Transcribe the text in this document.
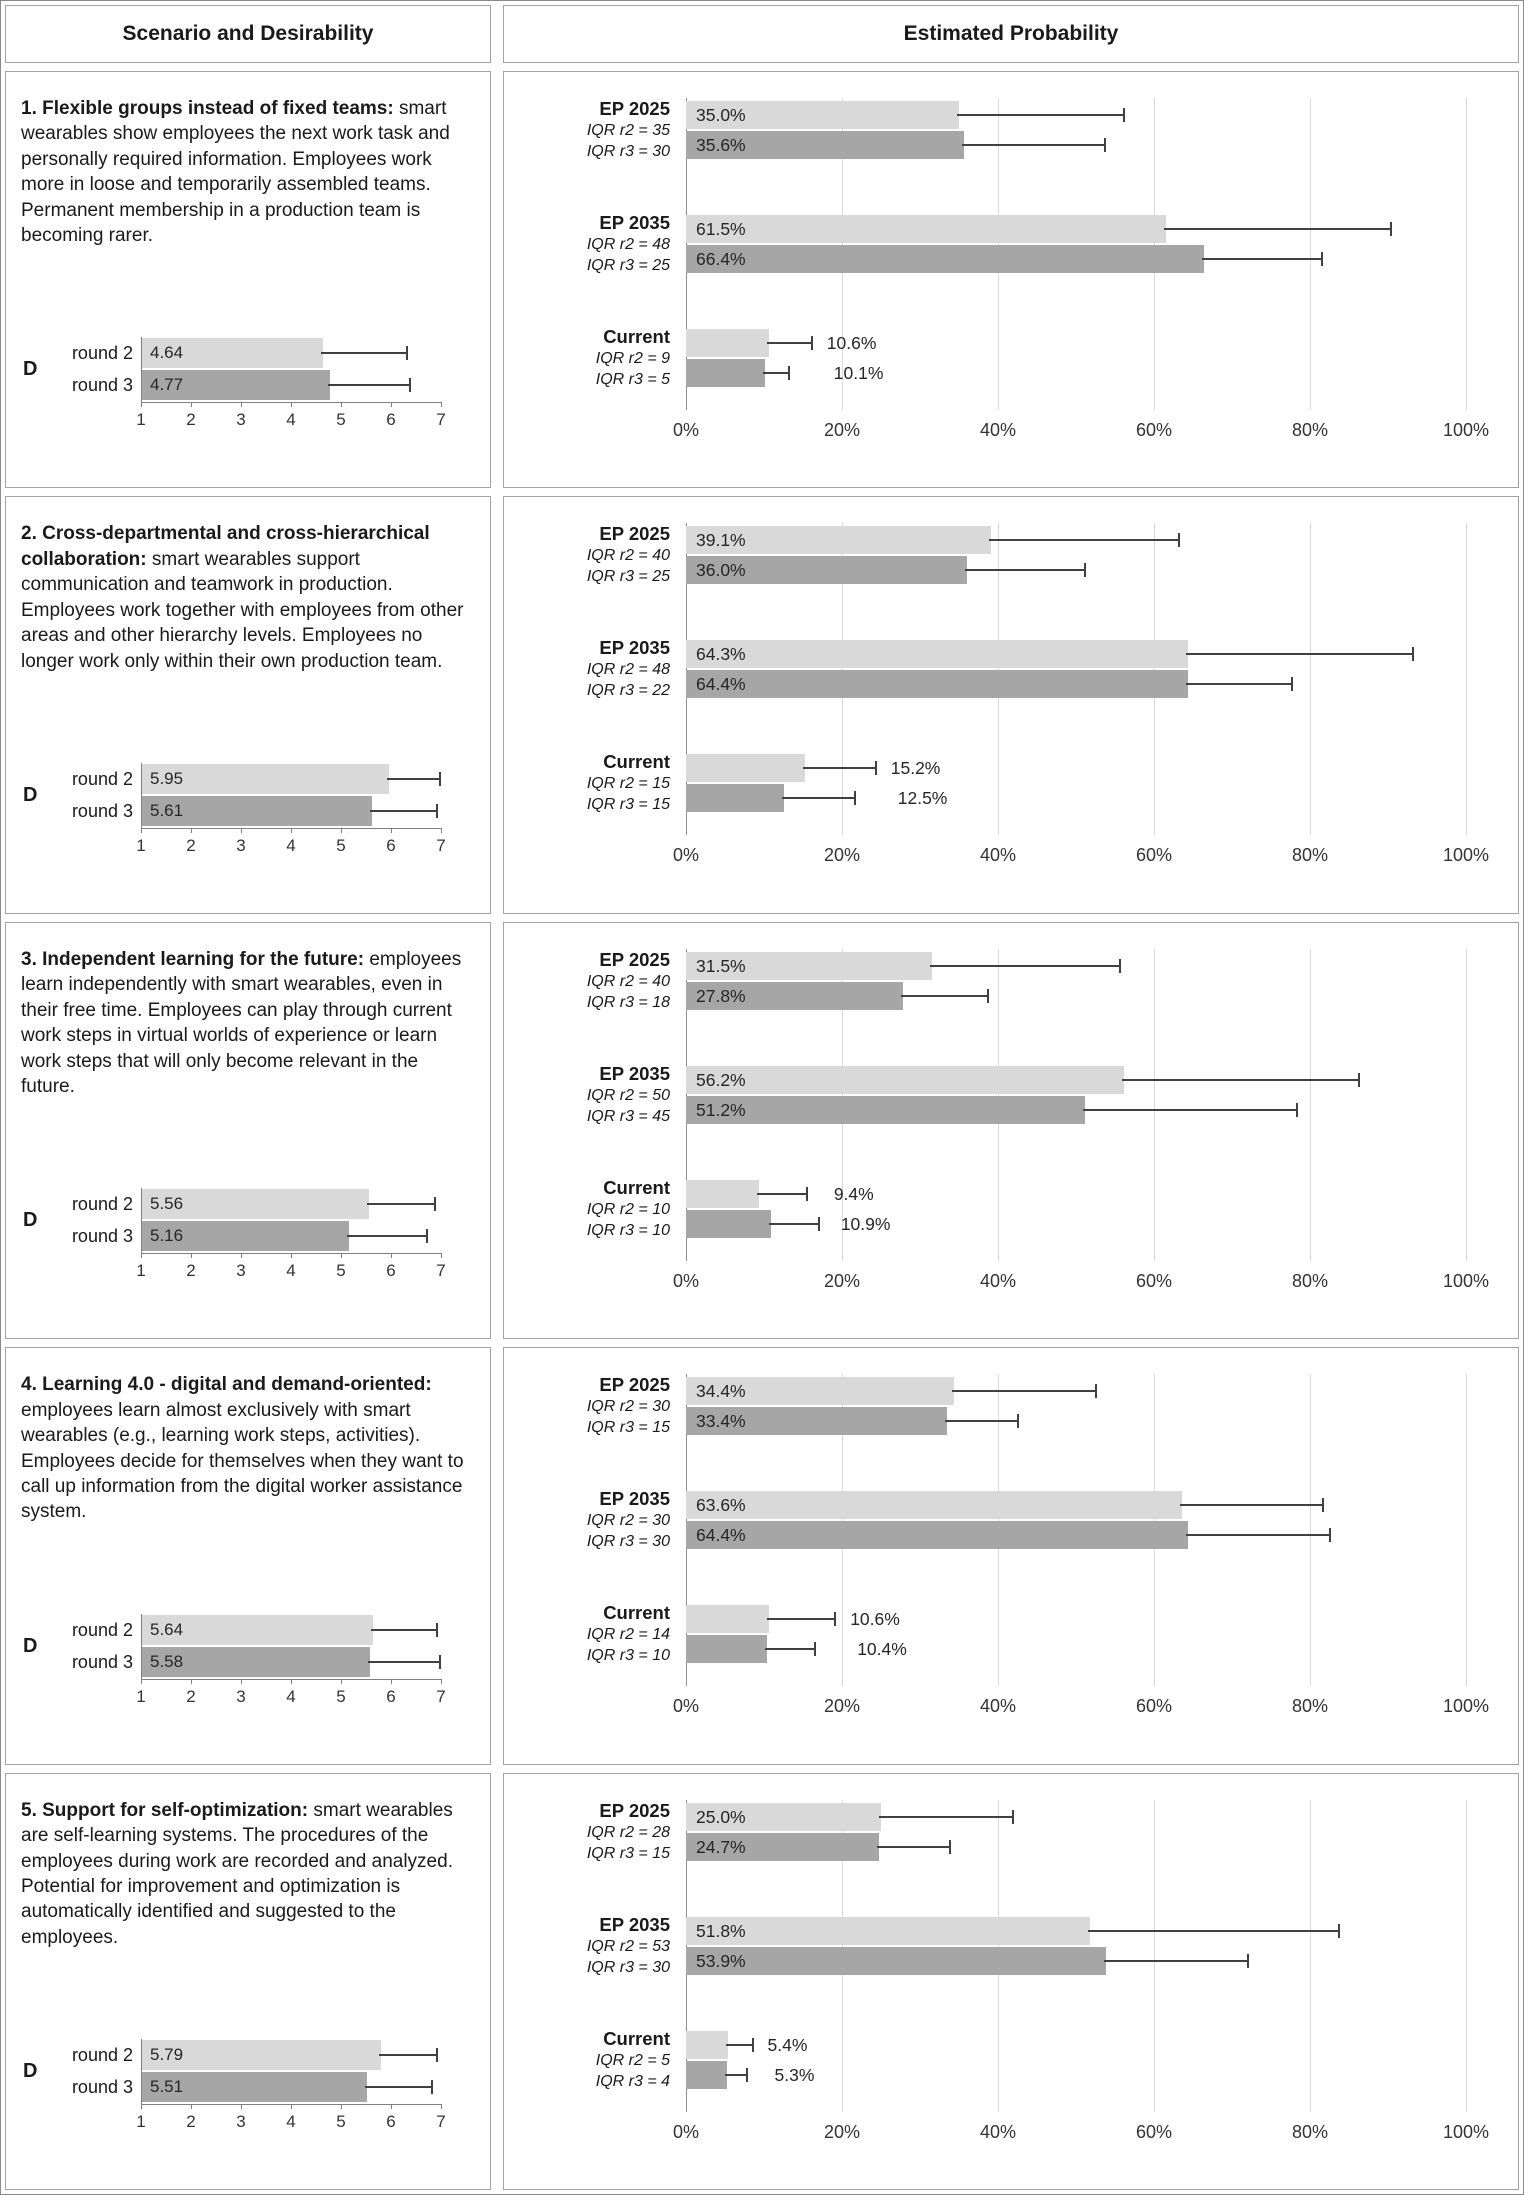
Scenario and Desirability	Estimated Probability
1. Flexible groups instead of fixed teams: smart wearables show employees the next work task and personally required information. Employees work more in loose and temporarily assembled teams. Permanent membership in a production team is becoming rarer.
D
round 2 4.64
round 3 4.77
1	2	3	4	5	6	7
0%	20%	40%	60%	80%	100%
EP 2025
IQR r2 = 35
IQR r3 = 30
35.0%
35.6%
EP 2035
IQR r2 = 48
IQR r3 = 25
61.5%
66.4%
Current
IQR r2 = 9
IQR r3 = 5
10.6%
10.1%
2. Cross-departmental and cross-hierarchical collaboration: smart wearables support communication and teamwork in production. Employees work together with employees from other areas and other hierarchy levels. Employees no longer work only within their own production team.
D
round 2 5.95
round 3 5.61
1	2	3	4	5	6	7
0%	20%	40%	60%	80%	100%
EP 2025
IQR r2 = 40
IQR r3 = 25
39.1%
36.0%
EP 2035
IQR r2 = 48
IQR r3 = 22
64.3%
64.4%
Current
IQR r2 = 15
IQR r3 = 15
15.2%
12.5%
3. Independent learning for the future: employees learn independently with smart wearables, even in their free time. Employees can play through current work steps in virtual worlds of experience or learn work steps that will only become relevant in the future.
D
round 2 5.56
round 3 5.16
1	2	3	4	5	6	7
0%	20%	40%	60%	80%	100%
EP 2025
IQR r2 = 40
IQR r3 = 18
31.5%
27.8%
EP 2035
IQR r2 = 50
IQR r3 = 45
56.2%
51.2%
Current
IQR r2 = 10
IQR r3 = 10
9.4%
10.9%
4. Learning 4.0 - digital and demand-oriented: employees learn almost exclusively with smart wearables (e.g., learning work steps, activities). Employees decide for themselves when they want to call up information from the digital worker assistance system.
D
round 2 5.64
round 3 5.58
1	2	3	4	5	6	7
0%	20%	40%	60%	80%	100%
EP 2025
IQR r2 = 30
IQR r3 = 15
34.4%
33.4%
EP 2035
IQR r2 = 30
IQR r3 = 30
63.6%
64.4%
Current
IQR r2 = 14
IQR r3 = 10
10.6%
10.4%
5. Support for self-optimization: smart wearables are self-learning systems. The procedures of the employees during work are recorded and analyzed. Potential for improvement and optimization is automatically identified and suggested to the employees.
D
round 2 5.79
round 3 5.51
1	2	3	4	5	6	7
0%	20%	40%	60%	80%	100%
EP 2025
IQR r2 = 28
IQR r3 = 15
25.0%
24.7%
EP 2035
IQR r2 = 53
IQR r3 = 30
51.8%
53.9%
Current
IQR r2 = 5
IQR r3 = 4
5.4%
5.3%
